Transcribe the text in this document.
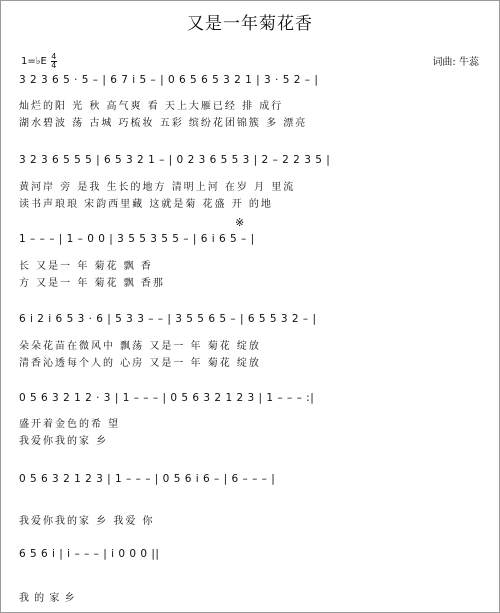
又是一年菊花香
1=♭E 4
4	词曲: 牛蕊
※
3 2 3 6 5 · 5 – | 6 7 i 5 – | 0 6 5 6 5 3 2 1 | 3 · 5 2 – |
灿烂的阳 光 秋 高气爽 看 天上大雁已经 排 成行
湖水碧波 荡 古城 巧梳妆 五彩 缤纷花团锦簇 多 漂亮
3 2 3 6 5 5 5 | 6 5 3 2 1 – | 0 2 3 6 5 5 3 | 2 – 2 2 3 5 |
黄河岸 旁 是我 生长的地方 清明上河 在岁 月 里流
读书声琅琅 宋韵西里藏 这就是菊 花盛 开 的地
1 – – – | 1 – 0 0 | 3 5 5 3 5 5 – | 6 i 6 5 – |
长 又是一 年 菊花 飘 香
方 又是一 年 菊花 飘 香那
6 i 2 i 6 5 3 · 6 | 5 3 3 – – | 3 5 5 6 5 – | 6 5 5 3 2 – |
朵朵花苗在微风中 飘荡 又是一 年 菊花 绽放
清香沁透每个人的 心房 又是一 年 菊花 绽放
0 5 6 3 2 1 2 · 3 | 1 – – – | 0 5 6 3 2 1 2 3 | 1 – – – :|
盛开着金色的希 望
我爱你我的家 乡
0 5 6 3 2 1 2 3 | 1 – – – | 0 5 6 i 6 – | 6 – – – |
我爱你我的家 乡 我爱 你
6 5 6 i | i – – – | i 0 0 0 ||
我 的 家 乡
